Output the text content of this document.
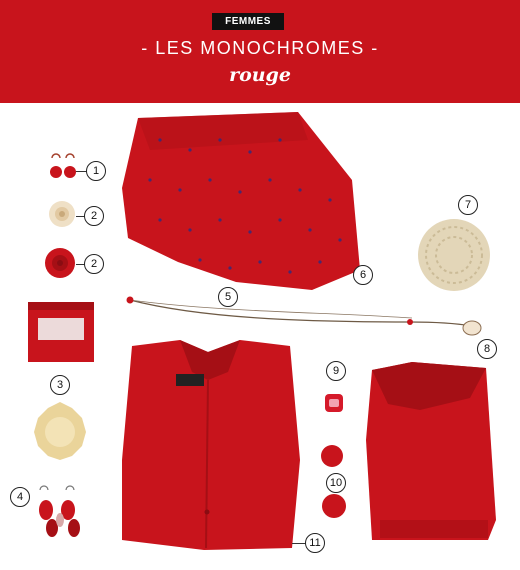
FEMMES
- LES MONOCHROMES -
rouge
1
2
2
3
4
5
6
7
8
9
10
11
